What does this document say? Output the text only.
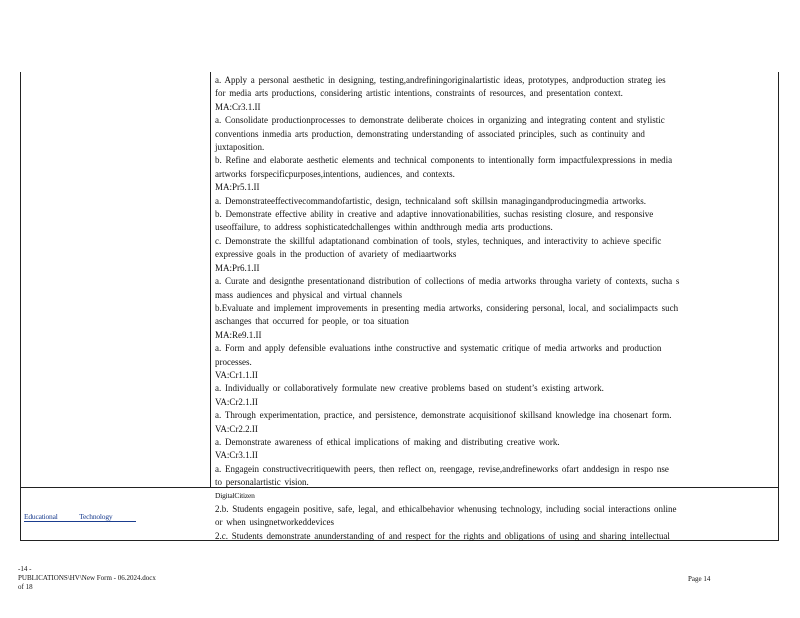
a. Apply a personal aesthetic in designing, testing,andrefiningoriginalartistic ideas, prototypes, andproduction strateg ies
for media arts productions, considering artistic intentions, constraints of resources, and presentation context.
MA:Cr3.1.II
a. Consolidate productionprocesses to demonstrate deliberate choices in organizing and integrating content and stylistic
conventions inmedia arts production, demonstrating understanding of associated principles, such as continuity and
juxtaposition.
b. Refine and elaborate aesthetic elements and technical components to intentionally form impactfulexpressions in media
artworks forspecificpurposes,intentions, audiences, and contexts.
MA:Pr5.1.II
a. Demonstrateeffectivecommandofartistic, design, technicaland soft skillsin managingandproducingmedia artworks.
b. Demonstrate effective ability in creative and adaptive innovationabilities, suchas resisting closure, and responsive
useoffailure, to address sophisticatedchallenges within andthrough media arts productions.
c. Demonstrate the skillful adaptationand combination of tools, styles, techniques, and interactivity to achieve specific
expressive goals in the production of avariety of mediaartworks
MA:Pr6.1.II
a. Curate and designthe presentationand distribution of collections of media artworks througha variety of contexts, sucha s
mass audiences and physical and virtual channels
b.Evaluate and implement improvements in presenting media artworks, considering personal, local, and socialimpacts such
aschanges that occurred for people, or toa situation
MA:Re9.1.II
a. Form and apply defensible evaluations inthe constructive and systematic critique of media artworks and production
processes.
VA:Cr1.1.II
a. Individually or collaboratively formulate new creative problems based on student’s existing artwork.
VA:Cr2.1.II
a. Through experimentation, practice, and persistence, demonstrate acquisitionof skillsand knowledge ina chosenart form.
VA:Cr2.2.II
a. Demonstrate awareness of ethical implications of making and distributing creative work.
VA:Cr3.1.II
a. Engagein constructivecritiquewith peers, then reflect on, reengage, revise,andrefineworks ofart anddesign in respo nse
to personalartistic vision.
Educational Technology
DigitalCitizen
2.b. Students engagein positive, safe, legal, and ethicalbehavior whenusing technology, including social interactions online
or when usingnetworkeddevices
2.c. Students demonstrate anunderstanding of and respect for the rights and obligations of using and sharing intellectual
-14 -
PUBLICATIONS\HV\New Form - 06.2024.docx
of 18
Page 14
